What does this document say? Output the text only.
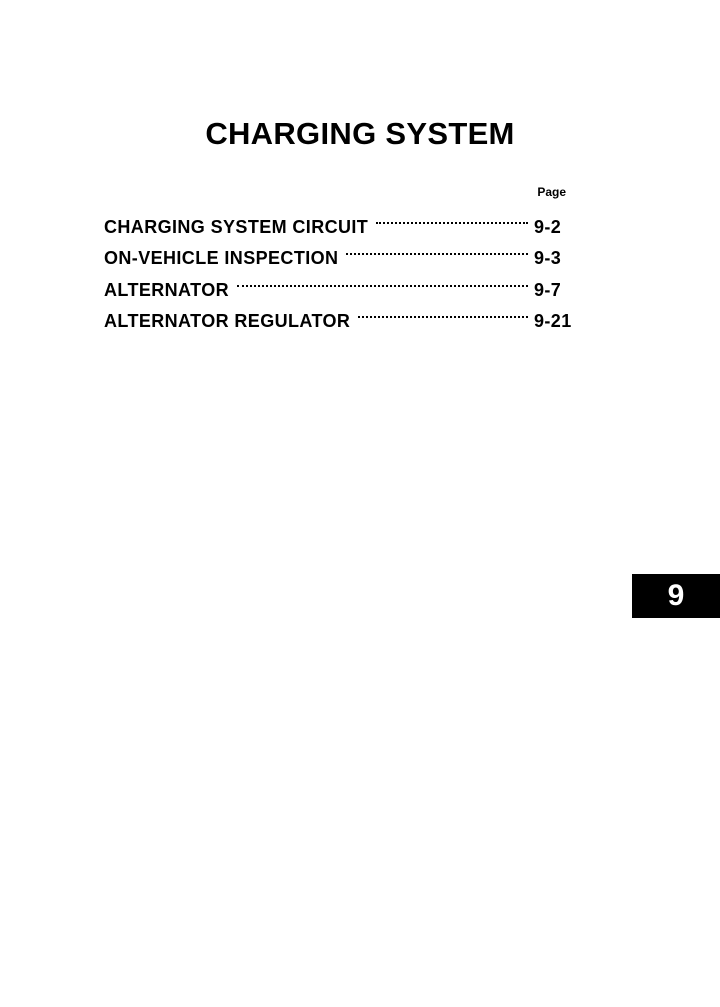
CHARGING SYSTEM
Page
CHARGING SYSTEM CIRCUIT	9-2
ON-VEHICLE INSPECTION	9-3
ALTERNATOR	9-7
ALTERNATOR REGULATOR	9-21
9
